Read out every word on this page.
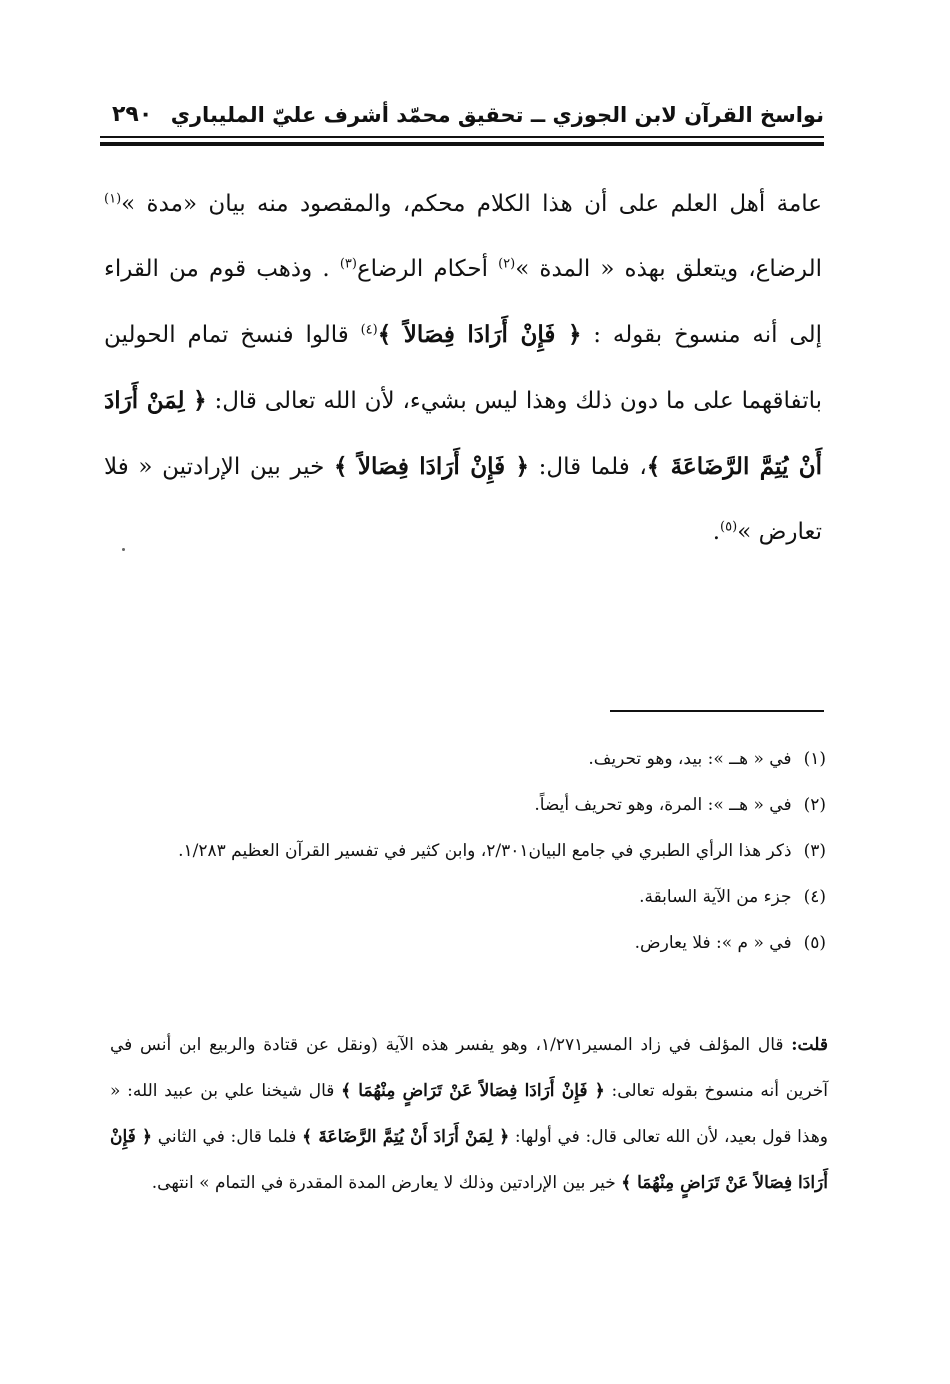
نواسخ القرآن لابن الجوزي ــ تحقيق محمّد أشرف عليّ المليباري
٢٩٠

عامة أهل العلم على أن هذا الكلام محكم، والمقصود منه بيان «مدة »$^{(١)}$ الرضاع، ويتعلق بهذه « المدة »$^{(٢)}$ أحكام الرضاع$^{(٣)}$ . وذهب قوم من القراء إلى أنه منسوخ بقوله : ﴿ فَإِنْ أَرَادَا فِصَالاً ﴾$^{(٤)}$ قالوا فنسخ تمام الحولين باتفاقهما على ما دون ذلك وهذا ليس بشيء، لأن الله تعالى قال: ﴿ لِمَنْ أَرَادَ أَنْ يُتِمَّ الرَّضَاعَةَ ﴾، فلما قال: ﴿ فَإِنْ أَرَادَا فِصَالاً ﴾ خير بين الإرادتين « فلا تعارض »$^{(٥)}$.

(١)في « هــ »: بيد، وهو تحريف.

(٢)في « هــ »: المرة، وهو تحريف أيضاً.

(٣)ذكر هذا الرأي الطبري في جامع البيان٢/٣٠١، وابن كثير في تفسير القرآن العظيم ١/٢٨٣.

(٤)جزء من الآية السابقة.

(٥)في « م »: فلا يعارض.

قلت: قال المؤلف في زاد المسير١/٢٧١، وهو يفسر هذه الآية (ونقل عن قتادة والربيع ابن أنس في آخرين أنه منسوخ بقوله تعالى: ﴿ فَإِنْ أَرَادَا فِصَالاً عَنْ تَرَاضٍ مِنْهُمَا ﴾ قال شيخنا علي بن عبيد الله: « وهذا قول بعيد، لأن الله تعالى قال: في أولها: ﴿ لِمَنْ أَرَادَ أَنْ يُتِمَّ الرَّضَاعَةَ ﴾ فلما قال: في الثاني ﴿ فَإِنْ أَرَادَا فِصَالاً عَنْ تَرَاضٍ مِنْهُمَا ﴾ خير بين الإرادتين وذلك لا يعارض المدة المقدرة في التمام » انتهى.
